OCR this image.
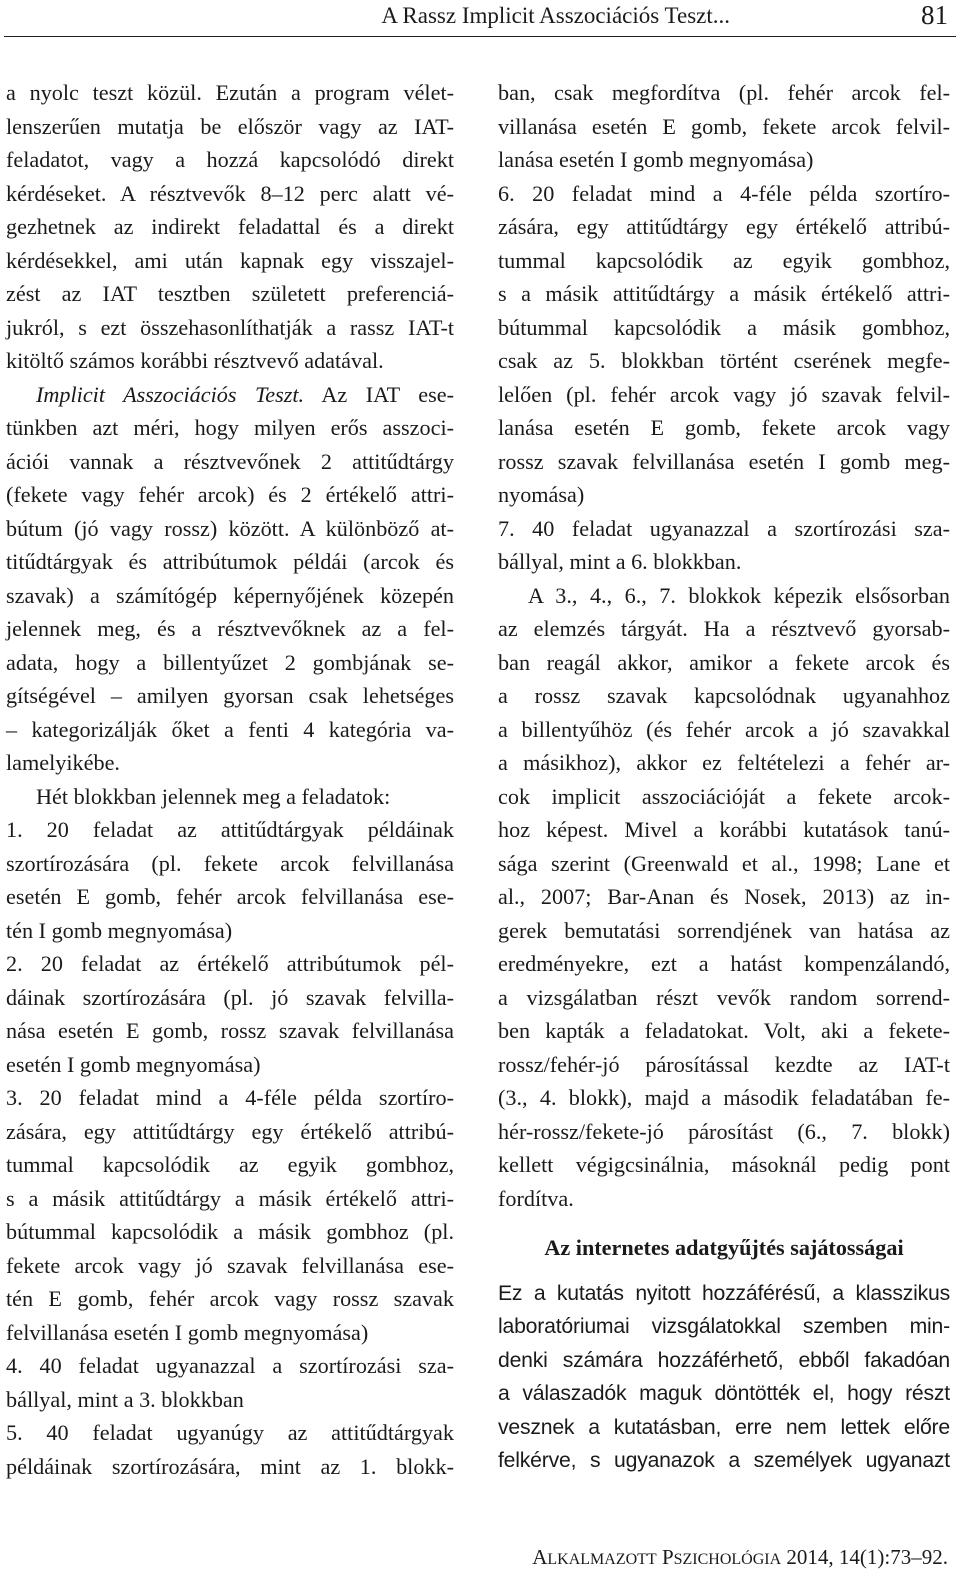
A Rassz Implicit Asszociációs Teszt...	81
a nyolc teszt közül. Ezután a program vélet-
lenszerűen mutatja be először vagy az IAT-
feladatot, vagy a hozzá kapcsolódó direkt
kérdéseket. A résztvevők 8–12 perc alatt vé-
gezhetnek az indirekt feladattal és a direkt
kérdésekkel, ami után kapnak egy visszajel-
zést az IAT tesztben született preferenciá-
jukról, s ezt összehasonlíthatják a rassz IAT-t
kitöltő számos korábbi résztvevő adatával.
Implicit Asszociációs Teszt. Az IAT ese-
tünkben azt méri, hogy milyen erős asszoci-
ációi vannak a résztvevőnek 2 attitűdtárgy
(fekete vagy fehér arcok) és 2 értékelő attri-
bútum (jó vagy rossz) között. A különböző at-
titűdtárgyak és attribútumok példái (arcok és
szavak) a számítógép képernyőjének közepén
jelennek meg, és a résztvevőknek az a fel-
adata, hogy a billentyűzet 2 gombjának se-
gítségével – amilyen gyorsan csak lehetséges
– kategorizálják őket a fenti 4 kategória va-
lamelyikébe.
Hét blokkban jelennek meg a feladatok:
1. 20 feladat az attitűdtárgyak példáinak
szortírozására (pl. fekete arcok felvillanása
esetén E gomb, fehér arcok felvillanása ese-
tén I gomb megnyomása)
2. 20 feladat az értékelő attribútumok pél-
dáinak szortírozására (pl. jó szavak felvilla-
nása esetén E gomb, rossz szavak felvillanása
esetén I gomb megnyomása)
3. 20 feladat mind a 4-féle példa szortíro-
zására, egy attitűdtárgy egy értékelő attribú-
tummal kapcsolódik az egyik gombhoz,
s a másik attitűdtárgy a másik értékelő attri-
bútummal kapcsolódik a másik gombhoz (pl.
fekete arcok vagy jó szavak felvillanása ese-
tén E gomb, fehér arcok vagy rossz szavak
felvillanása esetén I gomb megnyomása)
4. 40 feladat ugyanazzal a szortírozási sza-
bállyal, mint a 3. blokkban
5. 40 feladat ugyanúgy az attitűdtárgyak
példáinak szortírozására, mint az 1. blokk-
ban, csak megfordítva (pl. fehér arcok fel-
villanása esetén E gomb, fekete arcok felvil-
lanása esetén I gomb megnyomása)
6. 20 feladat mind a 4-féle példa szortíro-
zására, egy attitűdtárgy egy értékelő attribú-
tummal kapcsolódik az egyik gombhoz,
s a másik attitűdtárgy a másik értékelő attri-
bútummal kapcsolódik a másik gombhoz,
csak az 5. blokkban történt cserének megfe-
lelően (pl. fehér arcok vagy jó szavak felvil-
lanása esetén E gomb, fekete arcok vagy
rossz szavak felvillanása esetén I gomb meg-
nyomása)
7. 40 feladat ugyanazzal a szortírozási sza-
bállyal, mint a 6. blokkban.
A 3., 4., 6., 7. blokkok képezik elsősorban
az elemzés tárgyát. Ha a résztvevő gyorsab-
ban reagál akkor, amikor a fekete arcok és
a rossz szavak kapcsolódnak ugyanahhoz
a billentyűhöz (és fehér arcok a jó szavakkal
a másikhoz), akkor ez feltételezi a fehér ar-
cok implicit asszociációját a fekete arcok-
hoz képest. Mivel a korábbi kutatások tanú-
sága szerint (Greenwald et al., 1998; Lane et
al., 2007; Bar-Anan és Nosek, 2013) az in-
gerek bemutatási sorrendjének van hatása az
eredményekre, ezt a hatást kompenzálandó,
a vizsgálatban részt vevők random sorrend-
ben kapták a feladatokat. Volt, aki a fekete-
rossz/fehér-jó párosítással kezdte az IAT-t
(3., 4. blokk), majd a második feladatában fe-
hér-rossz/fekete-jó párosítást (6., 7. blokk)
kellett végigcsinálnia, másoknál pedig pont
fordítva.
Az internetes adatgyűjtés sajátosságai
Ez a kutatás nyitott hozzáférésű, a klasszikus
laboratóriumai vizsgálatokkal szemben min-
denki számára hozzáférhető, ebből fakadóan
a válaszadók maguk döntötték el, hogy részt
vesznek a kutatásban, erre nem lettek előre
felkérve, s ugyanazok a személyek ugyanazt
ALKALMAZOTT PSZICHOLÓGIA 2014, 14(1):73–92.
